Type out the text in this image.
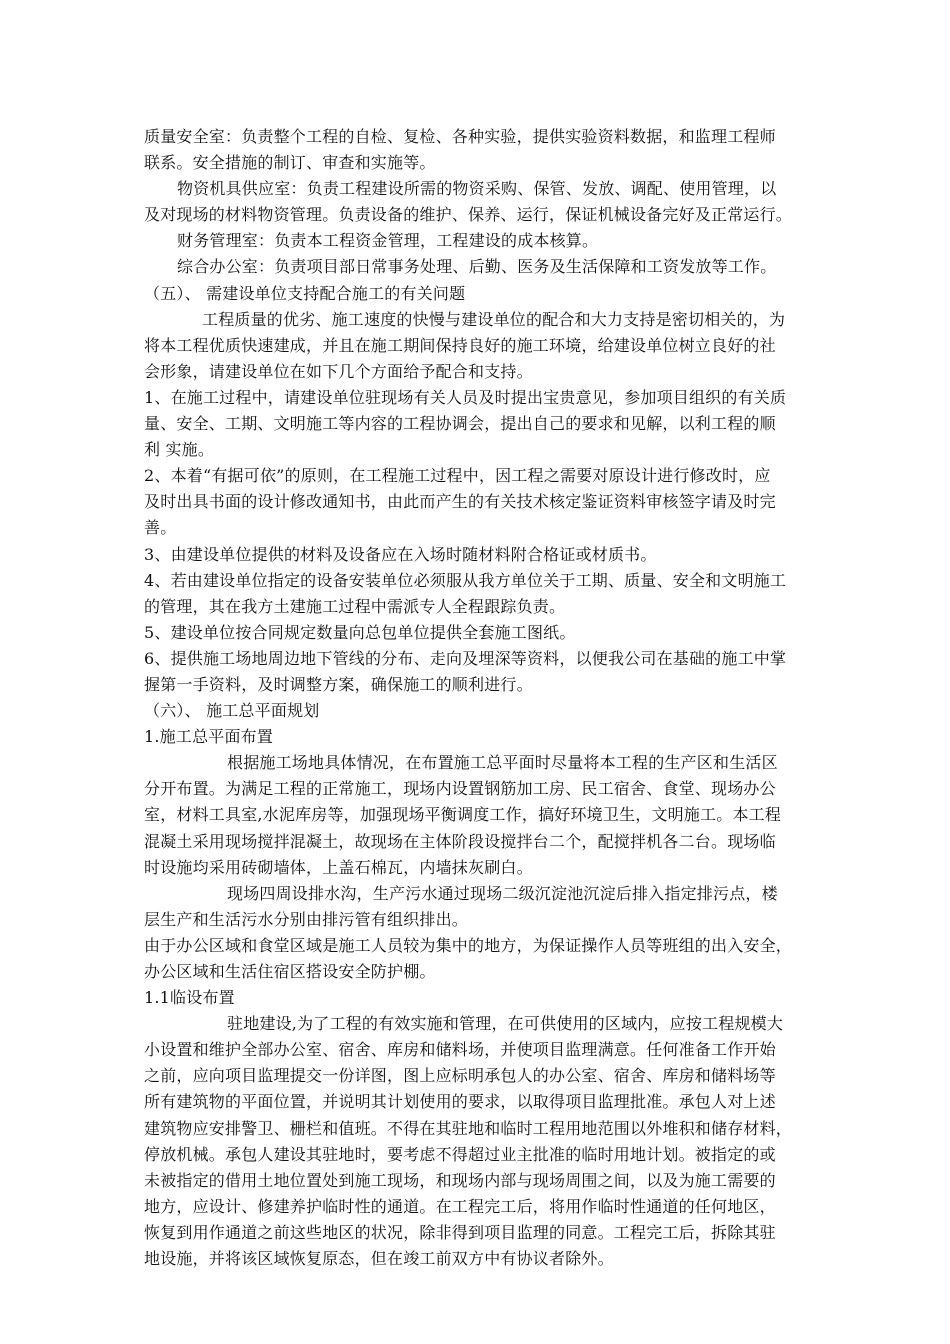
质量安全室：负责整个工程的自检、复检、各种实验，提供实验资料数据，和监理工程师
联系。安全措施的制订、审查和实施等。
物资机具供应室：负责工程建设所需的物资采购、保管、发放、调配、使用管理，以
及对现场的材料物资管理。负责设备的维护、保养、运行，保证机械设备完好及正常运行。
财务管理室：负责本工程资金管理，工程建设的成本核算。
综合办公室：负责项目部日常事务处理、后勤、医务及生活保障和工资发放等工作。
（五）、 需建设单位支持配合施工的有关问题
工程质量的优劣、施工速度的快慢与建设单位的配合和大力支持是密切相关的，为
将本工程优质快速建成，并且在施工期间保持良好的施工环境，给建设单位树立良好的社
会形象，请建设单位在如下几个方面给予配合和支持。
1、在施工过程中，请建设单位驻现场有关人员及时提出宝贵意见，参加项目组织的有关质
量、安全、工期、文明施工等内容的工程协调会，提出自己的要求和见解，以利工程的顺
利 实施。
2、本着“有据可依”的原则，在工程施工过程中，因工程之需要对原设计进行修改时，应
及时出具书面的设计修改通知书，由此而产生的有关技术核定鉴证资料审核签字请及时完
善。
3、由建设单位提供的材料及设备应在入场时随材料附合格证或材质书。
4、若由建设单位指定的设备安装单位必须服从我方单位关于工期、质量、安全和文明施工
的管理，其在我方土建施工过程中需派专人全程跟踪负责。
5、建设单位按合同规定数量向总包单位提供全套施工图纸。
6、提供施工场地周边地下管线的分布、走向及埋深等资料，以便我公司在基础的施工中掌
握第一手资料，及时调整方案，确保施工的顺利进行。
（六）、 施工总平面规划
1.施工总平面布置
根据施工场地具体情况，在布置施工总平面时尽量将本工程的生产区和生活区
分开布置。为满足工程的正常施工，现场内设置钢筋加工房、民工宿舍、食堂、现场办公
室，材料工具室,水泥库房等，加强现场平衡调度工作，搞好环境卫生，文明施工。本工程
混凝土采用现场搅拌混凝土，故现场在主体阶段设搅拌台二个，配搅拌机各二台。现场临
时设施均采用砖砌墙体，上盖石棉瓦，内墙抹灰刷白。
现场四周设排水沟，生产污水通过现场二级沉淀池沉淀后排入指定排污点，楼
层生产和生活污水分别由排污管有组织排出。
由于办公区域和食堂区域是施工人员较为集中的地方，为保证操作人员等班组的出入安全，
办公区域和生活住宿区搭设安全防护棚。
1.1临设布置
驻地建设,为了工程的有效实施和管理，在可供使用的区域内，应按工程规模大
小设置和维护全部办公室、宿舍、库房和储料场，并使项目监理满意。任何准备工作开始
之前，应向项目监理提交一份详图，图上应标明承包人的办公室、宿舍、库房和储料场等
所有建筑物的平面位置，并说明其计划使用的要求，以取得项目监理批准。承包人对上述
建筑物应安排警卫、栅栏和值班。不得在其驻地和临时工程用地范围以外堆积和储存材料，
停放机械。承包人建设其驻地时，要考虑不得超过业主批准的临时用地计划。被指定的或
未被指定的借用土地位置处到施工现场，和现场内部与现场周围之间，以及为施工需要的
地方，应设计、修建养护临时性的通道。在工程完工后，将用作临时性通道的任何地区，
恢复到用作通道之前这些地区的状况，除非得到项目监理的同意。工程完工后，拆除其驻
地设施，并将该区域恢复原态，但在竣工前双方中有协议者除外。
